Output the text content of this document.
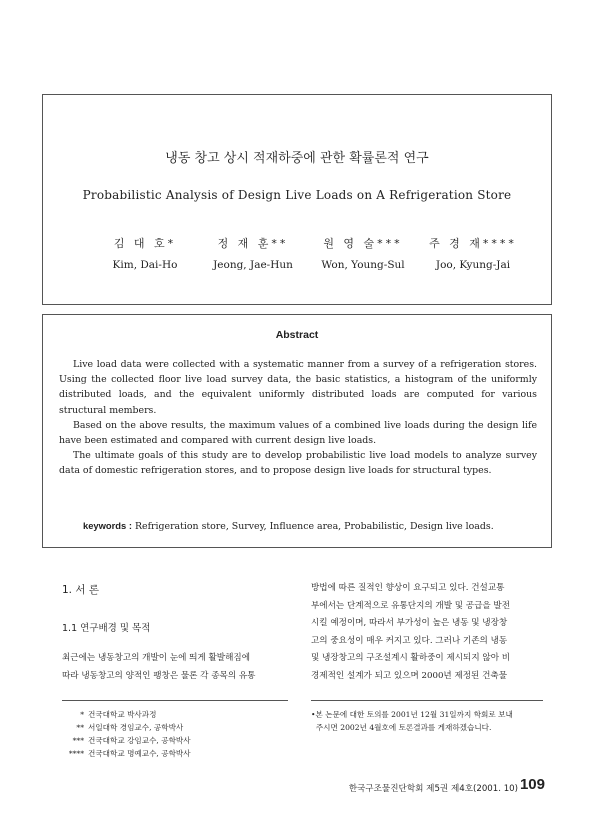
냉동 창고 상시 적재하중에 관한 확률론적 연구
Probabilistic Analysis of Design Live Loads on A Refrigeration Store
김 대 호*
Kim, Dai-Ho
정 재 훈**
Jeong, Jae-Hun
원 영 술***
Won, Young-Sul
주 경 재****
Joo, Kyung-Jai
Abstract

Live load data were collected with a systematic manner from a survey of a refrigeration stores. Using the collected floor live load survey data, the basic statistics, a histogram of the uniformly distributed loads, and the equivalent uniformly distributed loads are computed for various structural members.

Based on the above results, the maximum values of a combined live loads during the design life have been estimated and compared with current design live loads.

The ultimate goals of this study are to develop probabilistic live load models to analyze survey data of domestic refrigeration stores, and to propose design live loads for structural types.

keywords : Refrigeration store, Survey, Influence area, Probabilistic, Design live loads.
1. 서 론
1.1 연구배경 및 목적
최근에는 냉동창고의 개발이 눈에 띄게 활발해짐에
따라 냉동창고의 양적인 팽창은 물론 각 종목의 유통
방법에 따른 질적인 향상이 요구되고 있다. 건설교통
부에서는 단계적으로 유통단지의 개발 및 공급을 발전
시킬 예정이며, 따라서 부가성이 높은 냉동 및 냉장창
고의 중요성이 매우 커지고 있다. 그러나 기존의 냉동
및 냉장창고의 구조설계시 활하중이 제시되지 않아 비
경제적인 설계가 되고 있으며 2000년 제정된 건축물
* 건국대학교 박사과정
** 서일대학 경임교수, 공학박사
*** 건국대학교 강임교수, 공학박사
**** 건국대학교 명예교수, 공학박사
•본 논문에 대한 토의를 2001년 12월 31일까지 학회로 보내
주시면 2002년 4월호에 토론결과를 게재하겠습니다.
한국구조물진단학회 제5권 제4호(2001. 10) 109
